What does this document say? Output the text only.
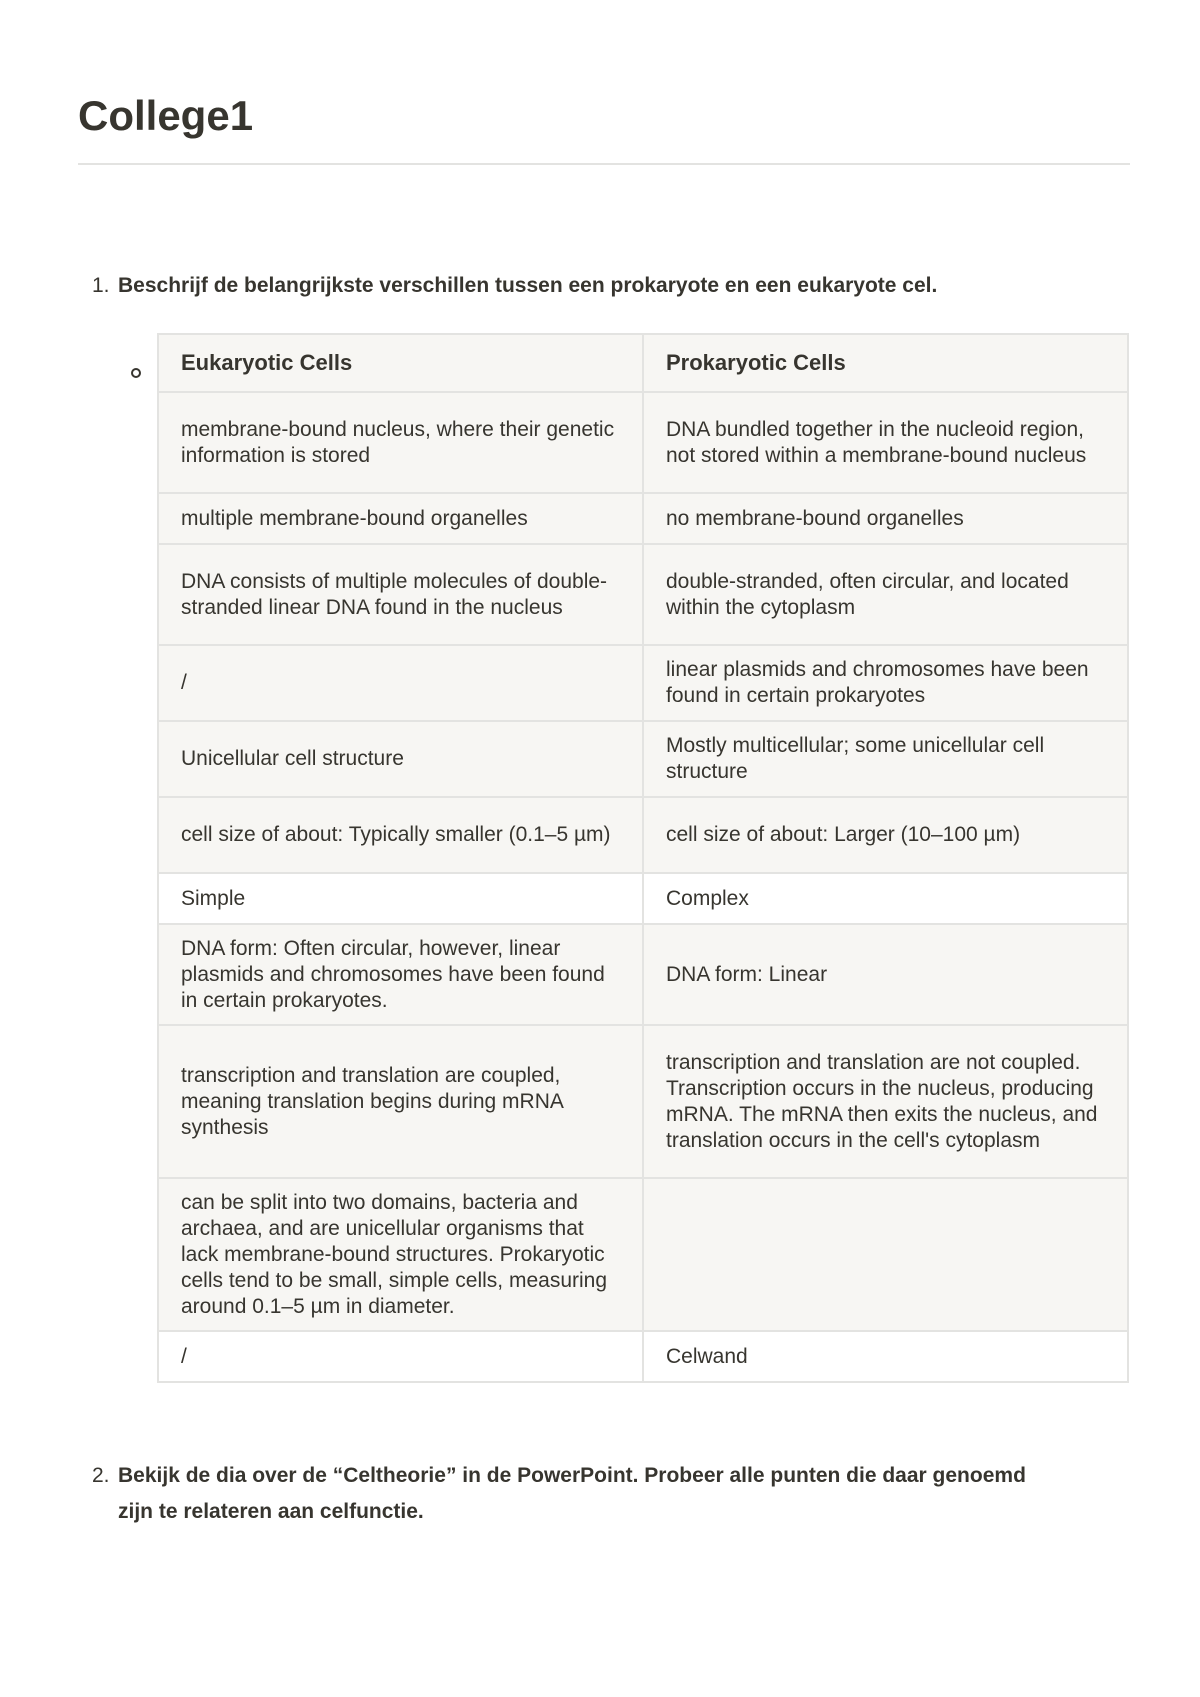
College1
1. Beschrijf de belangrijkste verschillen tussen een prokaryote en een eukaryote cel.
Eukaryotic Cells	Prokaryotic Cells
membrane-bound nucleus, where their genetic information is stored	DNA bundled together in the nucleoid region, not stored within a membrane-bound nucleus
multiple membrane-bound organelles	no membrane-bound organelles
DNA consists of multiple molecules of double-stranded linear DNA found in the nucleus	double-stranded, often circular, and located within the cytoplasm
/	linear plasmids and chromosomes have been found in certain prokaryotes
Unicellular cell structure	Mostly multicellular; some unicellular cell structure
cell size of about: Typically smaller (0.1–5 µm)	cell size of about: Larger (10–100 µm)
Simple	Complex
DNA form: Often circular, however, linear plasmids and chromosomes have been found in certain prokaryotes.	DNA form: Linear
transcription and translation are coupled, meaning translation begins during mRNA synthesis	transcription and translation are not coupled. Transcription occurs in the nucleus, producing mRNA. The mRNA then exits the nucleus, and translation occurs in the cell's cytoplasm
can be split into two domains, bacteria and archaea, and are unicellular organisms that lack membrane-bound structures. Prokaryotic cells tend to be small, simple cells, measuring around 0.1–5 µm in diameter.	
/	Celwand
2. Bekijk de dia over de “Celtheorie” in de PowerPoint. Probeer alle punten die daar genoemd zijn te relateren aan celfunctie.
